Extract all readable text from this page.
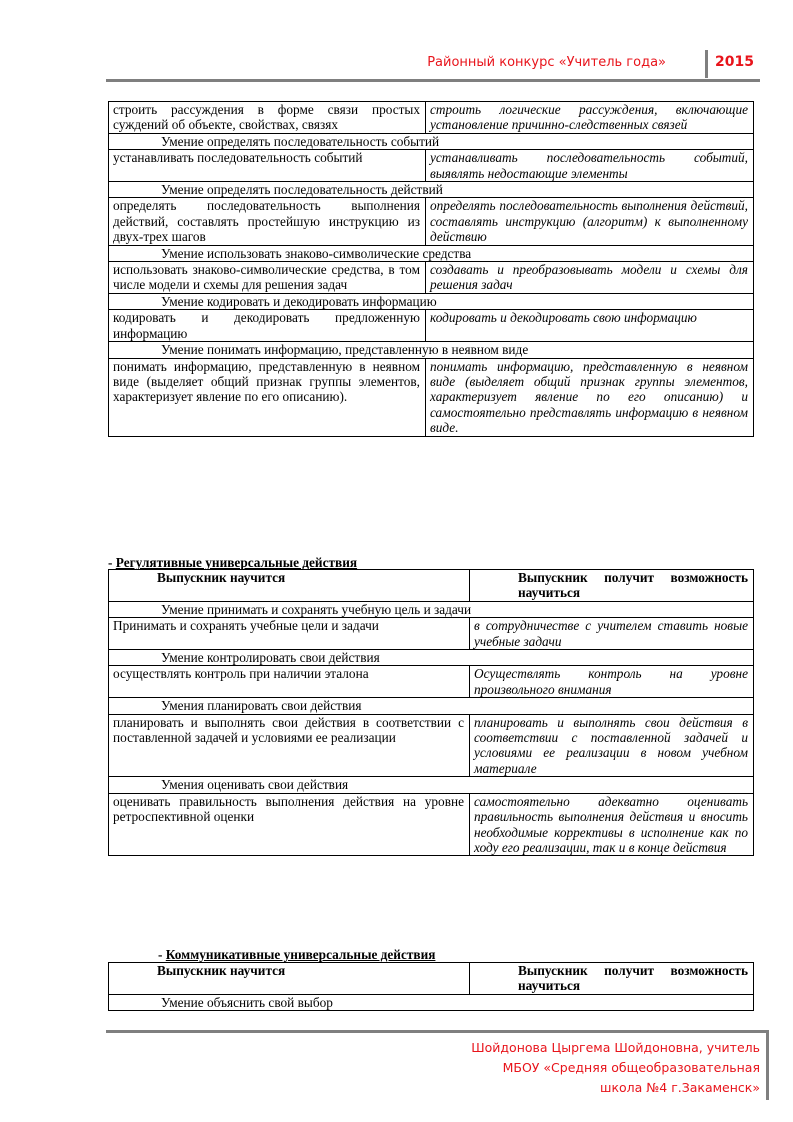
Районный конкурс «Учитель года»	2015
строить рассуждения в форме связи простых суждений об объекте, свойствах, связях	строить логические рассуждения, включающие установление причинно-следственных связей
Умение определять последовательность событий	
устанавливать последовательность событий	устанавливать последовательность событий, выявлять недостающие элементы
Умение определять последовательность действий	
определять последовательность выполнения действий, составлять простейшую инструкцию из двух-трех шагов	определять последовательность выполнения действий, составлять инструкцию (алгоритм) к выполненному действию
Умение использовать знаково-символические средства	
использовать знаково-символические средства, в том числе модели и схемы для решения задач	создавать и преобразовывать модели и схемы для решения задач
Умение кодировать и декодировать информацию	
кодировать и декодировать предложенную информацию	кодировать и декодировать свою информацию
Умение понимать информацию, представленную в неявном виде	
понимать информацию, представленную в неявном виде (выделяет общий признак группы элементов, характеризует явление по его описанию).	понимать информацию, представленную в неявном виде (выделяет общий признак группы элементов, характеризует явление по его описанию) и самостоятельно представлять информацию в неявном виде.
- Регулятивные универсальные действия
Выпускник научится	Выпускник получит возможность научиться
Умение принимать и сохранять учебную цель и задачи	
Принимать и сохранять учебные цели и задачи	в сотрудничестве с учителем ставить новые учебные задачи
Умение контролировать свои действия	
осуществлять контроль при наличии эталона	Осуществлять контроль на уровне произвольного внимания
Умения планировать свои действия	
планировать и выполнять свои действия в соответствии с поставленной задачей и условиями ее реализации	планировать и выполнять свои действия в соответствии с поставленной задачей и условиями ее реализации в новом учебном материале
Умения оценивать свои действия	
оценивать правильность выполнения действия на уровне ретроспективной оценки	самостоятельно адекватно оценивать правильность выполнения действия и вносить необходимые коррективы в исполнение как по ходу его реализации, так и в конце действия
- Коммуникативные универсальные действия
Выпускник научится	Выпускник получит возможность научиться
Умение объяснить свой выбор
Шойдонова Цыргема Шойдоновна, учитель
МБОУ «Средняя общеобразовательная
школа №4 г.Закаменск»
